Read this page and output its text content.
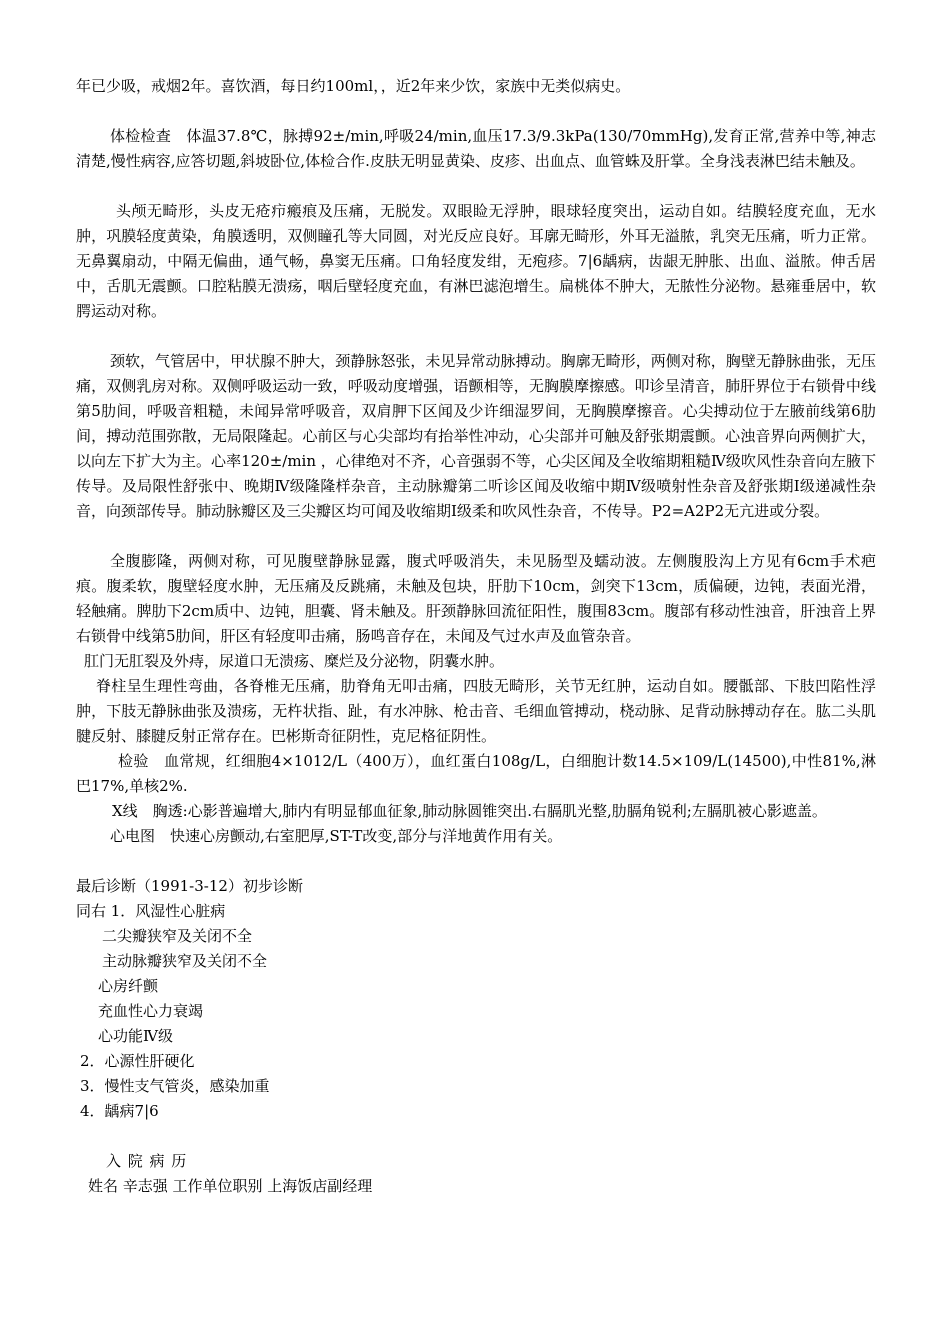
年已少吸，戒烟2年。喜饮酒，每日约100ml，，近2年来少饮，家族中无类似病史。

体检检查　体温37.8℃，脉搏92±/min,呼吸24/min,血压17.3/9.3kPa(130/70mmHg),发育正常,营养中等,神志清楚,慢性病容,应答切题,斜坡卧位,体检合作.皮肤无明显黄染、皮疹、出血点、血管蛛及肝掌。全身浅表淋巴结未触及。

头颅无畸形，头皮无疮疖瘢痕及压痛，无脱发。双眼睑无浮肿，眼球轻度突出，运动自如。结膜轻度充血，无水肿，巩膜轻度黄染，角膜透明，双侧瞳孔等大同圆，对光反应良好。耳廓无畸形，外耳无溢脓，乳突无压痛，听力正常。无鼻翼扇动，中隔无偏曲，通气畅，鼻窦无压痛。口角轻度发绀，无疱疹。7|6龋病，齿龈无肿胀、出血、溢脓。伸舌居中，舌肌无震颤。口腔粘膜无溃疡，咽后壁轻度充血，有淋巴滤泡增生。扁桃体不肿大，无脓性分泌物。悬雍垂居中，软腭运动对称。

颈软，气管居中，甲状腺不肿大，颈静脉怒张，未见异常动脉搏动。胸廓无畸形，两侧对称，胸壁无静脉曲张，无压痛，双侧乳房对称。双侧呼吸运动一致，呼吸动度增强，语颤相等，无胸膜摩擦感。叩诊呈清音，肺肝界位于右锁骨中线第5肋间，呼吸音粗糙，未闻异常呼吸音，双肩胛下区闻及少许细湿罗间，无胸膜摩擦音。心尖搏动位于左腋前线第6肋间，搏动范围弥散，无局限隆起。心前区与心尖部均有抬举性冲动，心尖部并可触及舒张期震颤。心浊音界向两侧扩大，以向左下扩大为主。心率120±/min ，心律绝对不齐，心音强弱不等，心尖区闻及全收缩期粗糙Ⅳ级吹风性杂音向左腋下传导。及局限性舒张中、晚期Ⅳ级隆隆样杂音，主动脉瓣第二听诊区闻及收缩中期Ⅳ级喷射性杂音及舒张期Ⅰ级递减性杂音，向颈部传导。肺动脉瓣区及三尖瓣区均可闻及收缩期Ⅰ级柔和吹风性杂音，不传导。P2=A2P2无亢进或分裂。

全腹膨隆，两侧对称，可见腹壁静脉显露，腹式呼吸消失，未见肠型及蠕动波。左侧腹股沟上方见有6cm手术疤痕。腹柔软，腹壁轻度水肿，无压痛及反跳痛，未触及包块，肝肋下10cm，剑突下13cm，质偏硬，边钝，表面光滑，轻触痛。脾肋下2cm质中、边钝，胆囊、肾未触及。肝颈静脉回流征阳性，腹围83cm。腹部有移动性浊音，肝浊音上界右锁骨中线第5肋间，肝区有轻度叩击痛，肠鸣音存在，未闻及气过水声及血管杂音。

肛门无肛裂及外痔，尿道口无溃疡、糜烂及分泌物，阴囊水肿。

脊柱呈生理性弯曲，各脊椎无压痛，肋脊角无叩击痛，四肢无畸形，关节无红肿，运动自如。腰骶部、下肢凹陷性浮肿，下肢无静脉曲张及溃疡，无杵状指、趾，有水冲脉、枪击音、毛细血管搏动，桡动脉、足背动脉搏动存在。肱二头肌腱反射、膝腱反射正常存在。巴彬斯奇征阴性，克尼格征阴性。

检验　血常规，红细胞4×1012/L（400万），血红蛋白108g/L，白细胞计数14.5×109/L(14500),中性81%,淋巴17%,单核2%.

X线　胸透:心影普遍增大,肺内有明显郁血征象,肺动脉圆锥突出.右膈肌光整,肋膈角锐利;左膈肌被心影遮盖。

心电图　快速心房颤动,右室肥厚,ST-T改变,部分与洋地黄作用有关。

最后诊断（1991-3-12）初步诊断

同右 1．风湿性心脏病

二尖瓣狭窄及关闭不全

主动脉瓣狭窄及关闭不全

心房纤颤

充血性心力衰竭

心功能Ⅳ级

2．心源性肝硬化

3．慢性支气管炎，感染加重

4．龋病7|6

入 院 病 历

姓名 辛志强 工作单位职别 上海饭店副经理
